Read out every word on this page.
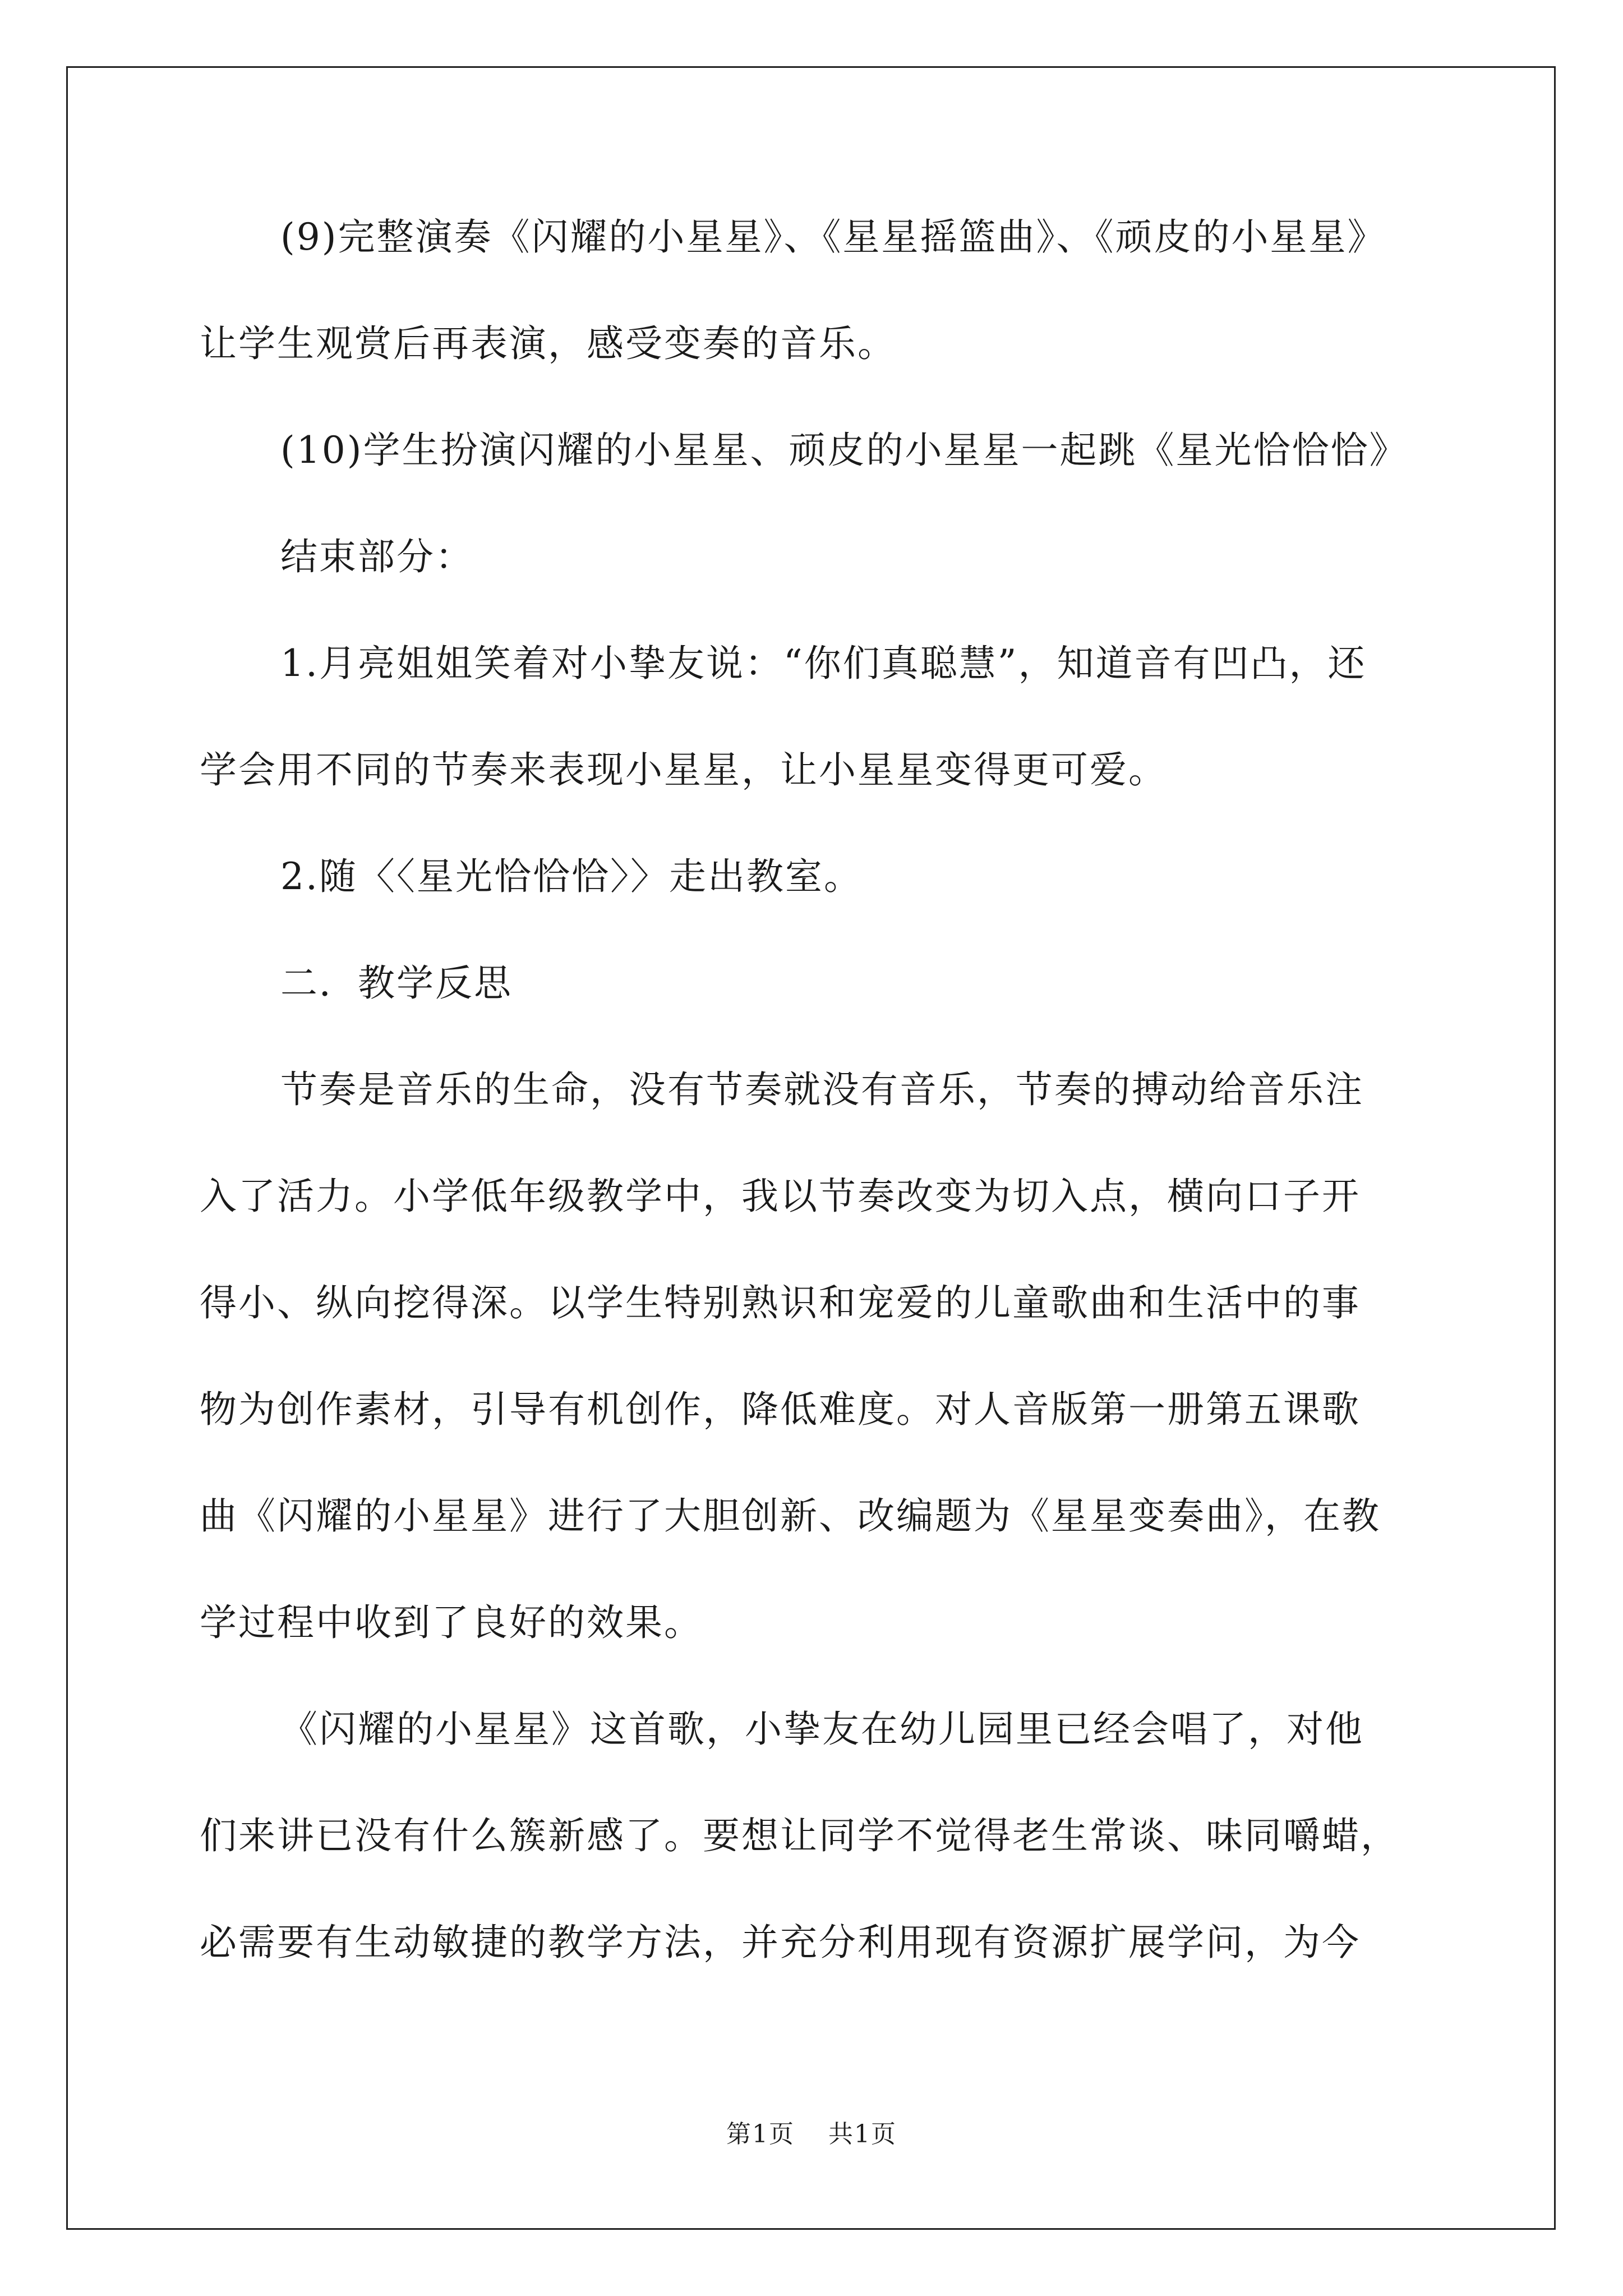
(9)完整演奏《闪耀的小星星》、《星星摇篮曲》、《顽皮的小星星》
让学生观赏后再表演，感受变奏的音乐。
(10)学生扮演闪耀的小星星、顽皮的小星星一起跳《星光恰恰恰》
结束部分：
1.月亮姐姐笑着对小挚友说：“你们真聪慧”，知道音有凹凸，还
学会用不同的节奏来表现小星星，让小星星变得更可爱。
2.随〈〈星光恰恰恰〉〉走出教室。
二．教学反思
节奏是音乐的生命，没有节奏就没有音乐，节奏的搏动给音乐注
入了活力。小学低年级教学中，我以节奏改变为切入点，横向口子开
得小、纵向挖得深。以学生特别熟识和宠爱的儿童歌曲和生活中的事
物为创作素材，引导有机创作，降低难度。对人音版第一册第五课歌
曲《闪耀的小星星》进行了大胆创新、改编题为《星星变奏曲》，在教
学过程中收到了良好的效果。
《闪耀的小星星》这首歌，小挚友在幼儿园里已经会唱了，对他
们来讲已没有什么簇新感了。要想让同学不觉得老生常谈、味同嚼蜡，
必需要有生动敏捷的教学方法，并充分利用现有资源扩展学问，为今
第1页 共1页
